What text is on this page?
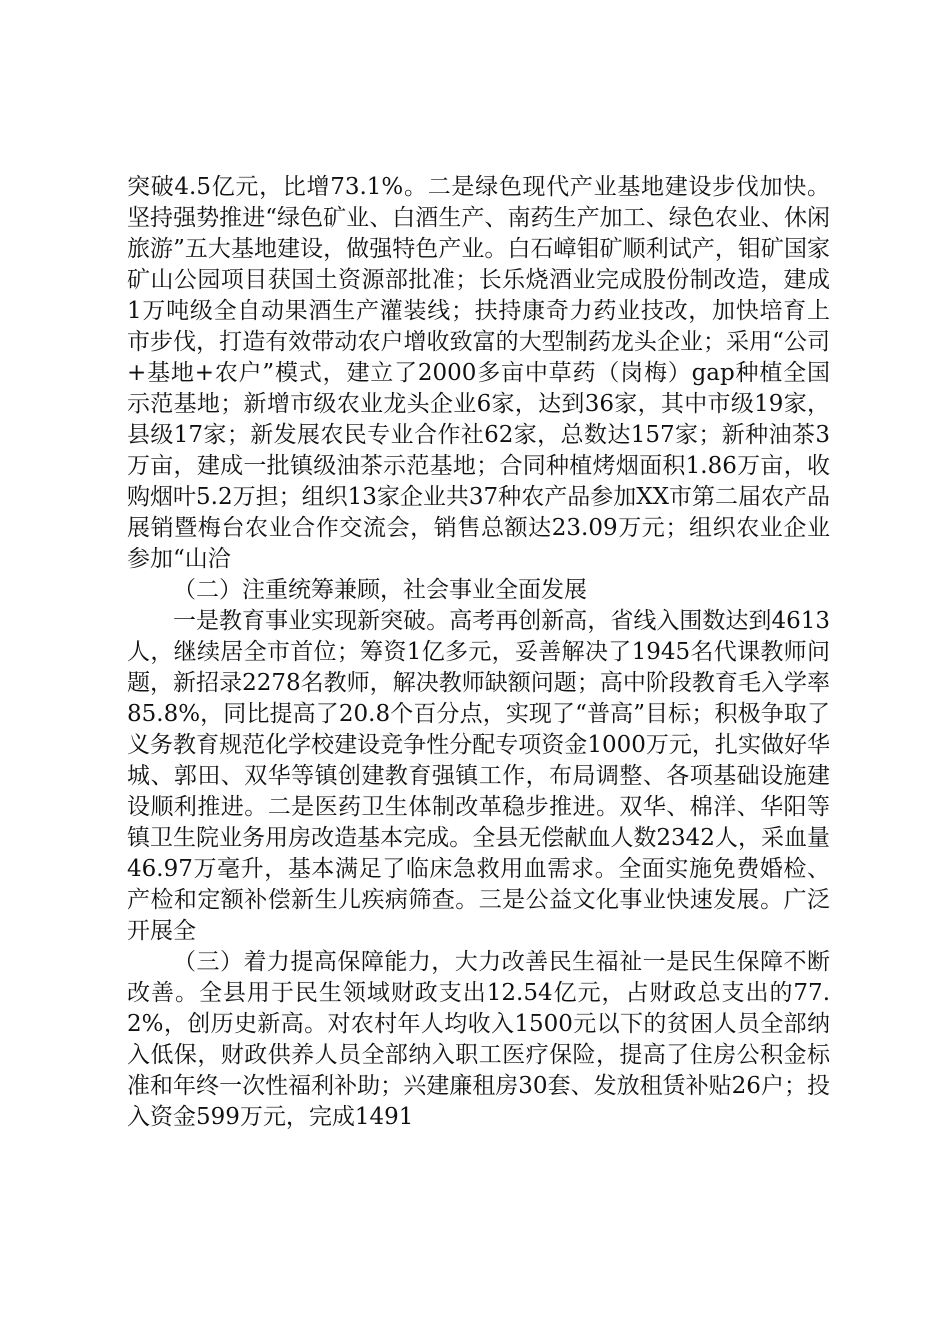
突破4.5亿元，比增73.1%。二是绿色现代产业基地建设步伐加快。坚持强势推进“绿色矿业、白酒生产、南药生产加工、绿色农业、休闲旅游”五大基地建设，做强特色产业。白石嶂钼矿顺利试产，钼矿国家矿山公园项目获国土资源部批准；长乐烧酒业完成股份制改造，建成1万吨级全自动果酒生产灌装线；扶持康奇力药业技改，加快培育上市步伐，打造有效带动农户增收致富的大型制药龙头企业；采用“公司+基地+农户”模式，建立了2000多亩中草药（岗梅）gap种植全国示范基地；新增市级农业龙头企业6家，达到36家，其中市级19家，县级17家；新发展农民专业合作社62家，总数达157家；新种油茶3万亩，建成一批镇级油茶示范基地；合同种植烤烟面积1.86万亩，收购烟叶5.2万担；组织13家企业共37种农产品参加XX市第二届农产品展销暨梅台农业合作交流会，销售总额达23.09万元；组织农业企业参加“山洽

（二）注重统筹兼顾，社会事业全面发展

一是教育事业实现新突破。高考再创新高，省线入围数达到4613人，继续居全市首位；筹资1亿多元，妥善解决了1945名代课教师问题，新招录2278名教师，解决教师缺额问题；高中阶段教育毛入学率85.8%，同比提高了20.8个百分点，实现了“普高”目标；积极争取了义务教育规范化学校建设竞争性分配专项资金1000万元，扎实做好华城、郭田、双华等镇创建教育强镇工作，布局调整、各项基础设施建设顺利推进。二是医药卫生体制改革稳步推进。双华、棉洋、华阳等镇卫生院业务用房改造基本完成。全县无偿献血人数2342人，采血量46.97万毫升，基本满足了临床急救用血需求。全面实施免费婚检、产检和定额补偿新生儿疾病筛查。三是公益文化事业快速发展。广泛开展全

（三）着力提高保障能力，大力改善民生福祉一是民生保障不断改善。全县用于民生领域财政支出12.54亿元，占财政总支出的77.2%，创历史新高。对农村年人均收入1500元以下的贫困人员全部纳入低保，财政供养人员全部纳入职工医疗保险，提高了住房公积金标准和年终一次性福利补助；兴建廉租房30套、发放租赁补贴26户；投入资金599万元，完成1491
